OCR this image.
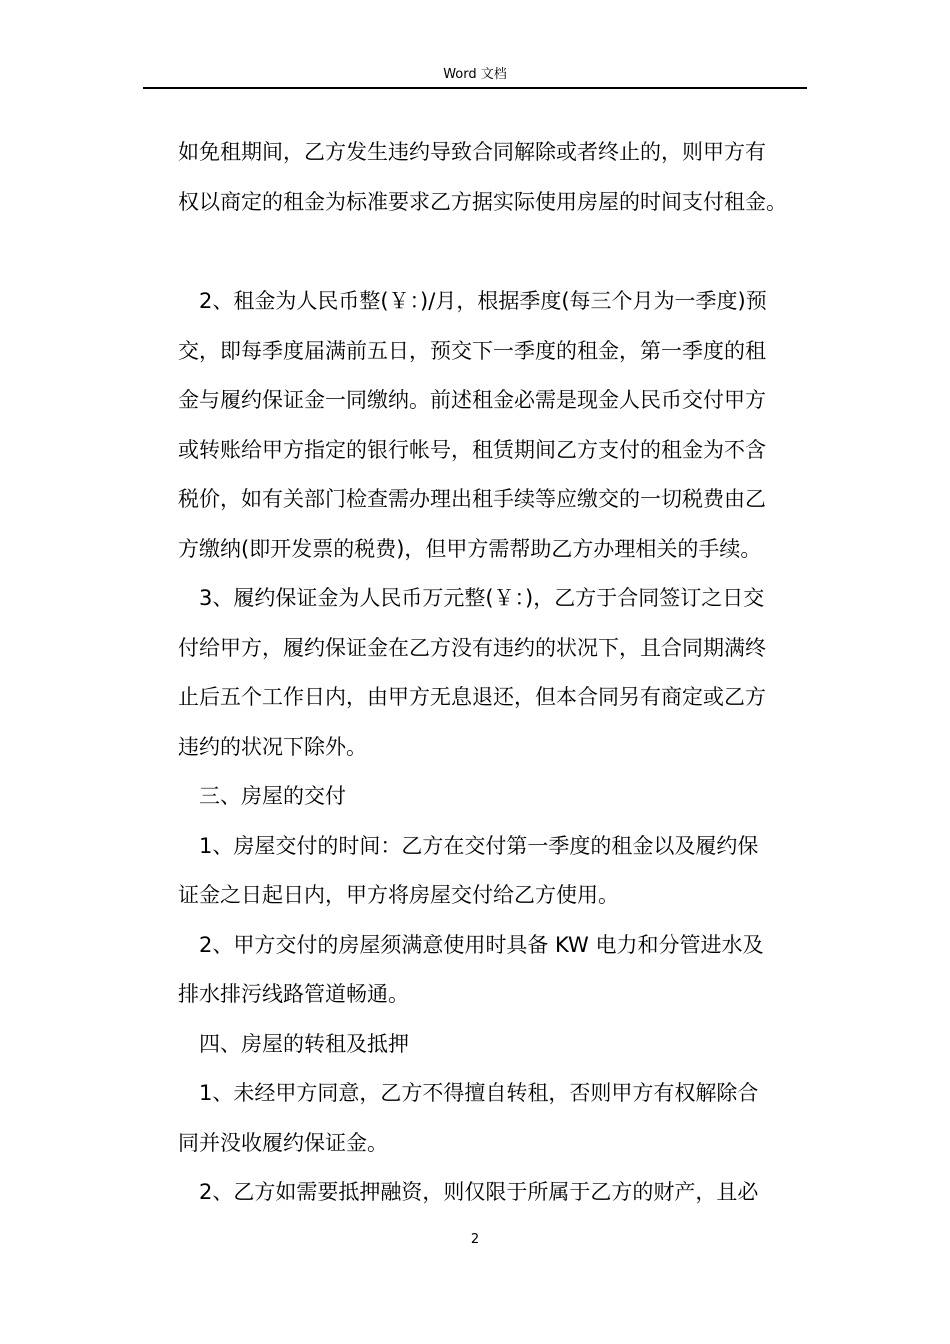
Word 文档
如免租期间，乙方发生违约导致合同解除或者终止的，则甲方有
权以商定的租金为标准要求乙方据实际使用房屋的时间支付租金。
2、租金为人民币整(￥：)/月，根据季度(每三个月为一季度)预
交，即每季度届满前五日，预交下一季度的租金，第一季度的租
金与履约保证金一同缴纳。前述租金必需是现金人民币交付甲方
或转账给甲方指定的银行帐号，租赁期间乙方支付的租金为不含
税价，如有关部门检查需办理出租手续等应缴交的一切税费由乙
方缴纳(即开发票的税费)，但甲方需帮助乙方办理相关的手续。
3、履约保证金为人民币万元整(￥：)，乙方于合同签订之日交
付给甲方，履约保证金在乙方没有违约的状况下，且合同期满终
止后五个工作日内，由甲方无息退还，但本合同另有商定或乙方
违约的状况下除外。
三、房屋的交付
1、房屋交付的时间：乙方在交付第一季度的租金以及履约保
证金之日起日内，甲方将房屋交付给乙方使用。
2、甲方交付的房屋须满意使用时具备 KW 电力和分管进水及
排水排污线路管道畅通。
四、房屋的转租及抵押
1、未经甲方同意，乙方不得擅自转租，否则甲方有权解除合
同并没收履约保证金。
2、乙方如需要抵押融资，则仅限于所属于乙方的财产，且必
2
